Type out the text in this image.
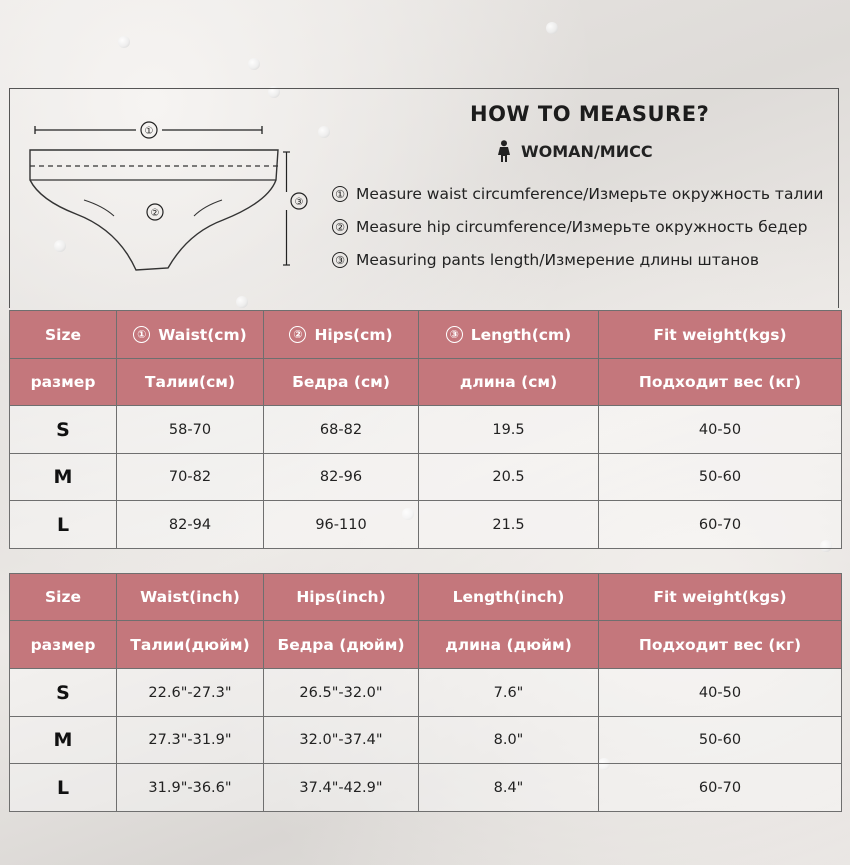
①
②
③
HOW TO MEASURE?
WOMAN/МИСС
① Measure waist circumference/Измерьте окружность талии
② Measure hip circumference/Измерьте окружность бедер
③ Measuring pants length/Измерение длины штанов
Size	① Waist(cm)	② Hips(cm)	③ Length(cm)	Fit weight(kgs)
размер	Талии(см)	Бедра (см)	длина (см)	Подходит вес (кг)
S	58-70	68-82	19.5	40-50
M	70-82	82-96	20.5	50-60
L	82-94	96-110	21.5	60-70
Size	Waist(inch)	Hips(inch)	Length(inch)	Fit weight(kgs)
размер	Талии(дюйм)	Бедра (дюйм)	длина (дюйм)	Подходит вес (кг)
S	22.6"-27.3"	26.5"-32.0"	7.6"	40-50
M	27.3"-31.9"	32.0"-37.4"	8.0"	50-60
L	31.9"-36.6"	37.4"-42.9"	8.4"	60-70
